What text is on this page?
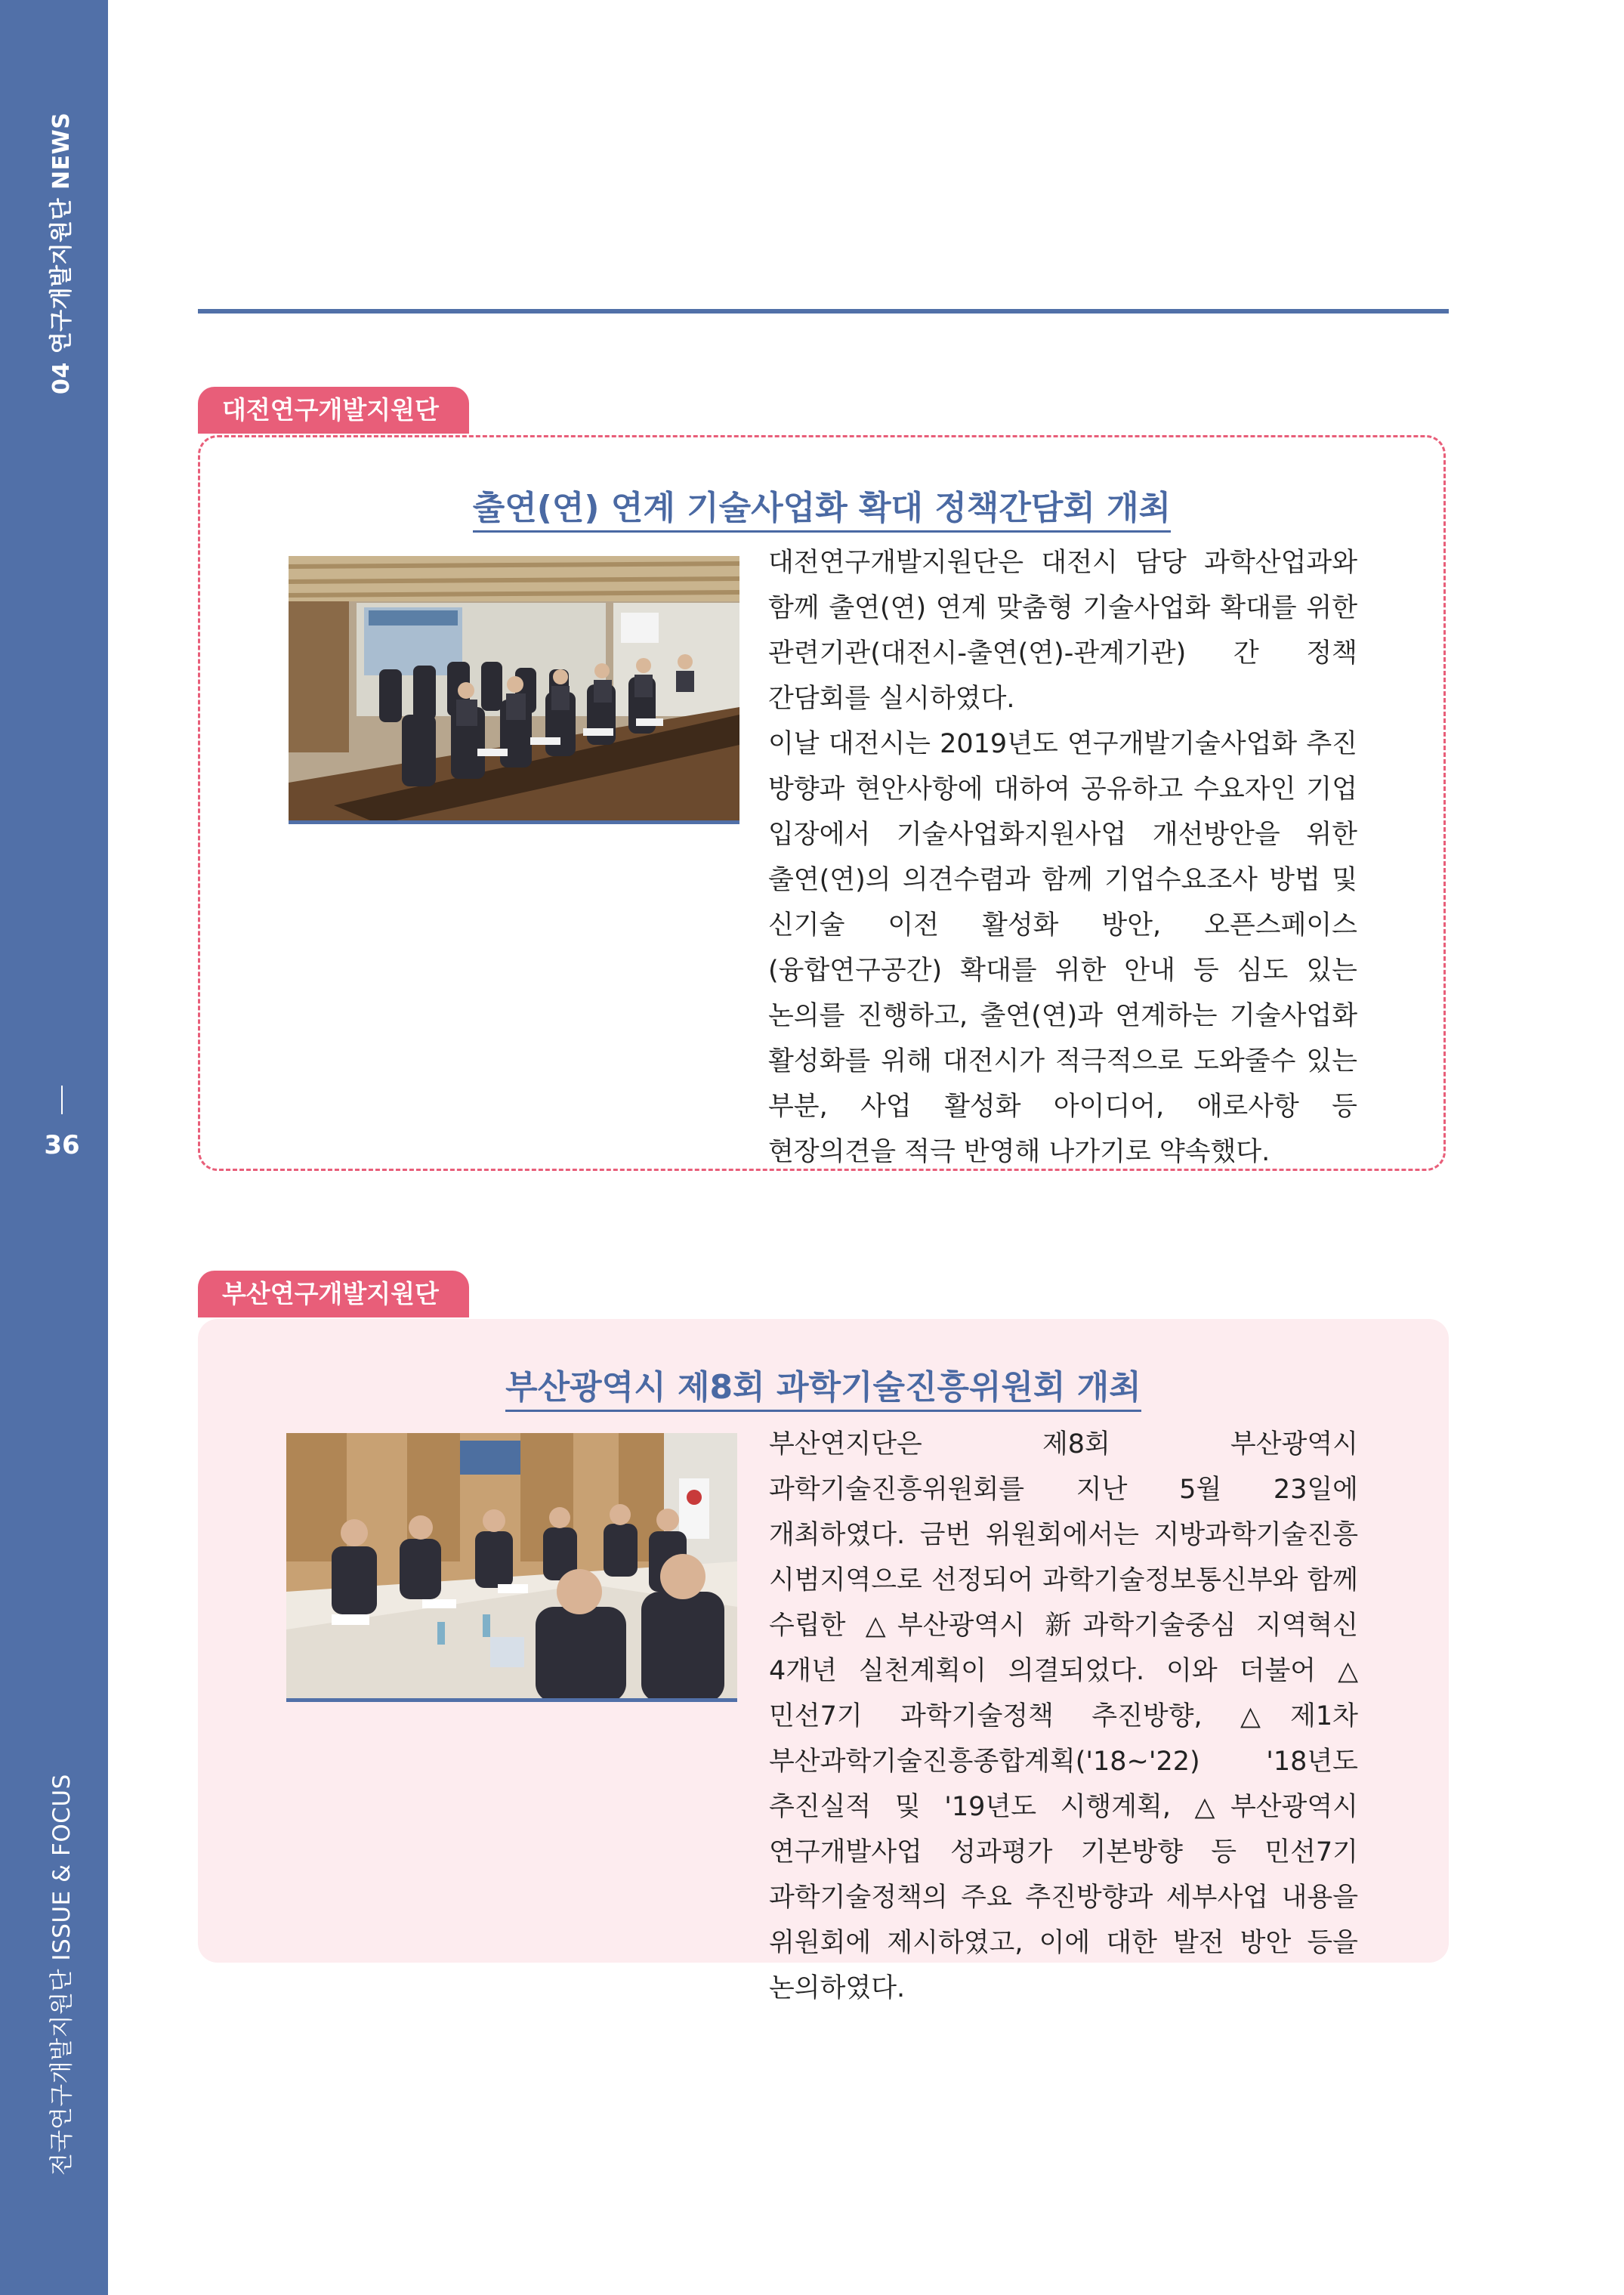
04 연구개발지원단 NEWS
36
전국연구개발지원단 ISSUE & FOCUS
대전연구개발지원단
출연(연) 연계 기술사업화 확대 정책간담회 개최

대전연구개발지원단은 대전시 담당 과학산업과와 함께 출연(연) 연계 맞춤형 기술사업화 확대를 위한 관련기관(대전시-출연(연)-관계기관) 간 정책 간담회를 실시하였다.

이날 대전시는 2019년도 연구개발기술사업화 추진 방향과 현안사항에 대하여 공유하고 수요자인 기업 입장에서 기술사업화지원사업 개선방안을 위한 출연(연)의 의견수렴과 함께 기업수요조사 방법 및 신기술 이전 활성화 방안, 오픈스페이스(융합연구공간) 확대를 위한 안내 등 심도 있는 논의를 진행하고, 출연(연)과 연계하는 기술사업화 활성화를 위해 대전시가 적극적으로 도와줄수 있는 부분, 사업 활성화 아이디어, 애로사항 등 현장의견을 적극 반영해 나가기로 약속했다.

부산연구개발지원단
부산광역시 제8회 과학기술진흥위원회 개최

부산연지단은 제8회 부산광역시 과학기술진흥위원회를 지난 5월 23일에 개최하였다. 금번 위원회에서는 지방과학기술진흥 시범지역으로 선정되어 과학기술정보통신부와 함께 수립한 △부산광역시 新과학기술중심 지역혁신 4개년 실천계획이 의결되었다. 이와 더불어 △민선7기 과학기술정책 추진방향, △제1차 부산과학기술진흥종합계획('18~'22) '18년도 추진실적 및 '19년도 시행계획, △부산광역시 연구개발사업 성과평가 기본방향 등 민선7기 과학기술정책의 주요 추진방향과 세부사업 내용을 위원회에 제시하였고, 이에 대한 발전 방안 등을 논의하였다.
